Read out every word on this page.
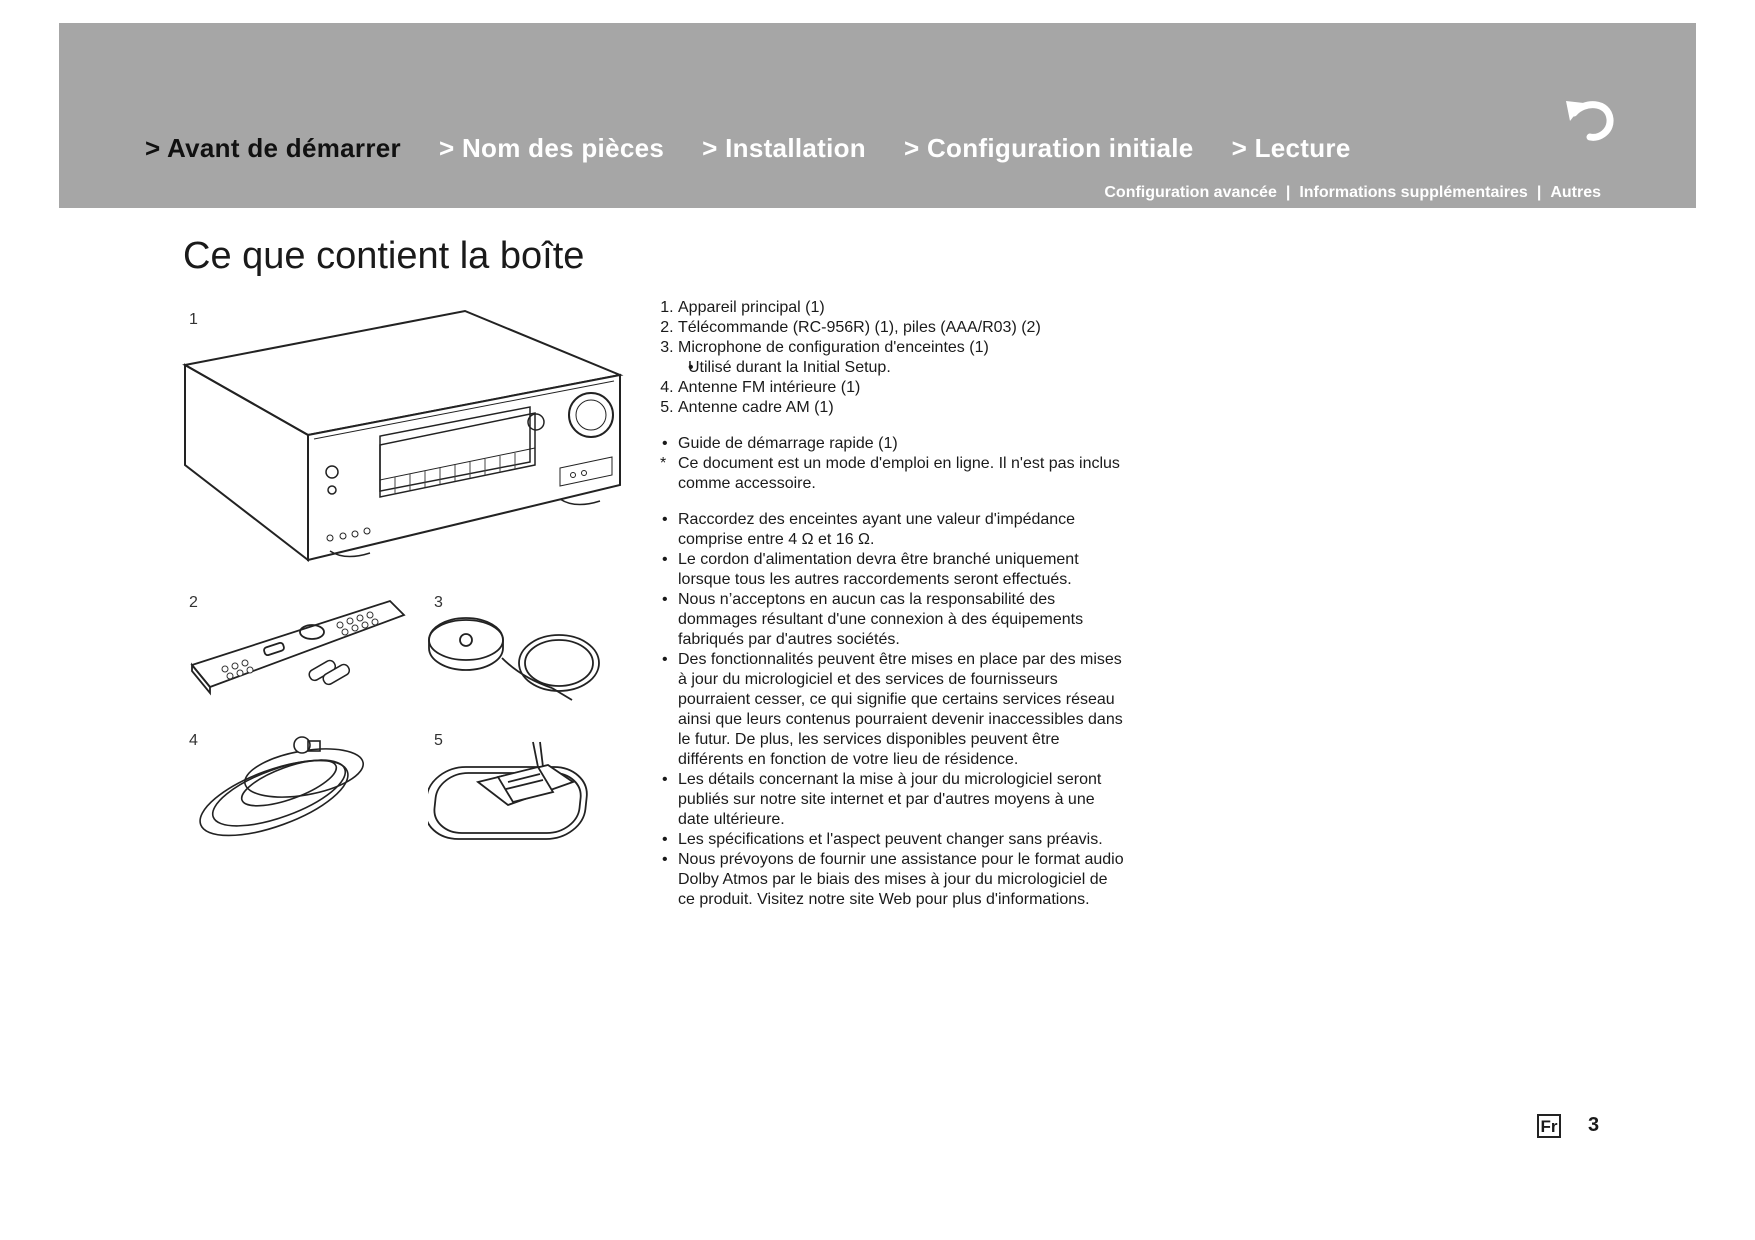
> Avant de démarrer > Nom des pièces > Installation > Configuration initiale > Lecture
Configuration avancée | Informations supplémentaires | Autres
Ce que contient la boîte
1
2	3
4	5
1. Appareil principal (1)
2. Télécommande (RC-956R) (1), piles (AAA/R03) (2)
3. Microphone de configuration d'enceintes (1)
• Utilisé durant la Initial Setup.
4. Antenne FM intérieure (1)
5. Antenne cadre AM (1)
• Guide de démarrage rapide (1)
* Ce document est un mode d'emploi en ligne. Il n'est pas inclus comme accessoire.
• Raccordez des enceintes ayant une valeur d'impédance comprise entre 4 Ω et 16 Ω.
• Le cordon d'alimentation devra être branché uniquement lorsque tous les autres raccordements seront effectués.
• Nous n’acceptons en aucun cas la responsabilité des dommages résultant d'une connexion à des équipements fabriqués par d'autres sociétés.
• Des fonctionnalités peuvent être mises en place par des mises à jour du micrologiciel et des services de fournisseurs pourraient cesser, ce qui signifie que certains services réseau ainsi que leurs contenus pourraient devenir inaccessibles dans le futur. De plus, les services disponibles peuvent être différents en fonction de votre lieu de résidence.
• Les détails concernant la mise à jour du micrologiciel seront publiés sur notre site internet et par d'autres moyens à une date ultérieure.
• Les spécifications et l'aspect peuvent changer sans préavis.
• Nous prévoyons de fournir une assistance pour le format audio Dolby Atmos par le biais des mises à jour du micrologiciel de ce produit. Visitez notre site Web pour plus d'informations.
Fr 3
